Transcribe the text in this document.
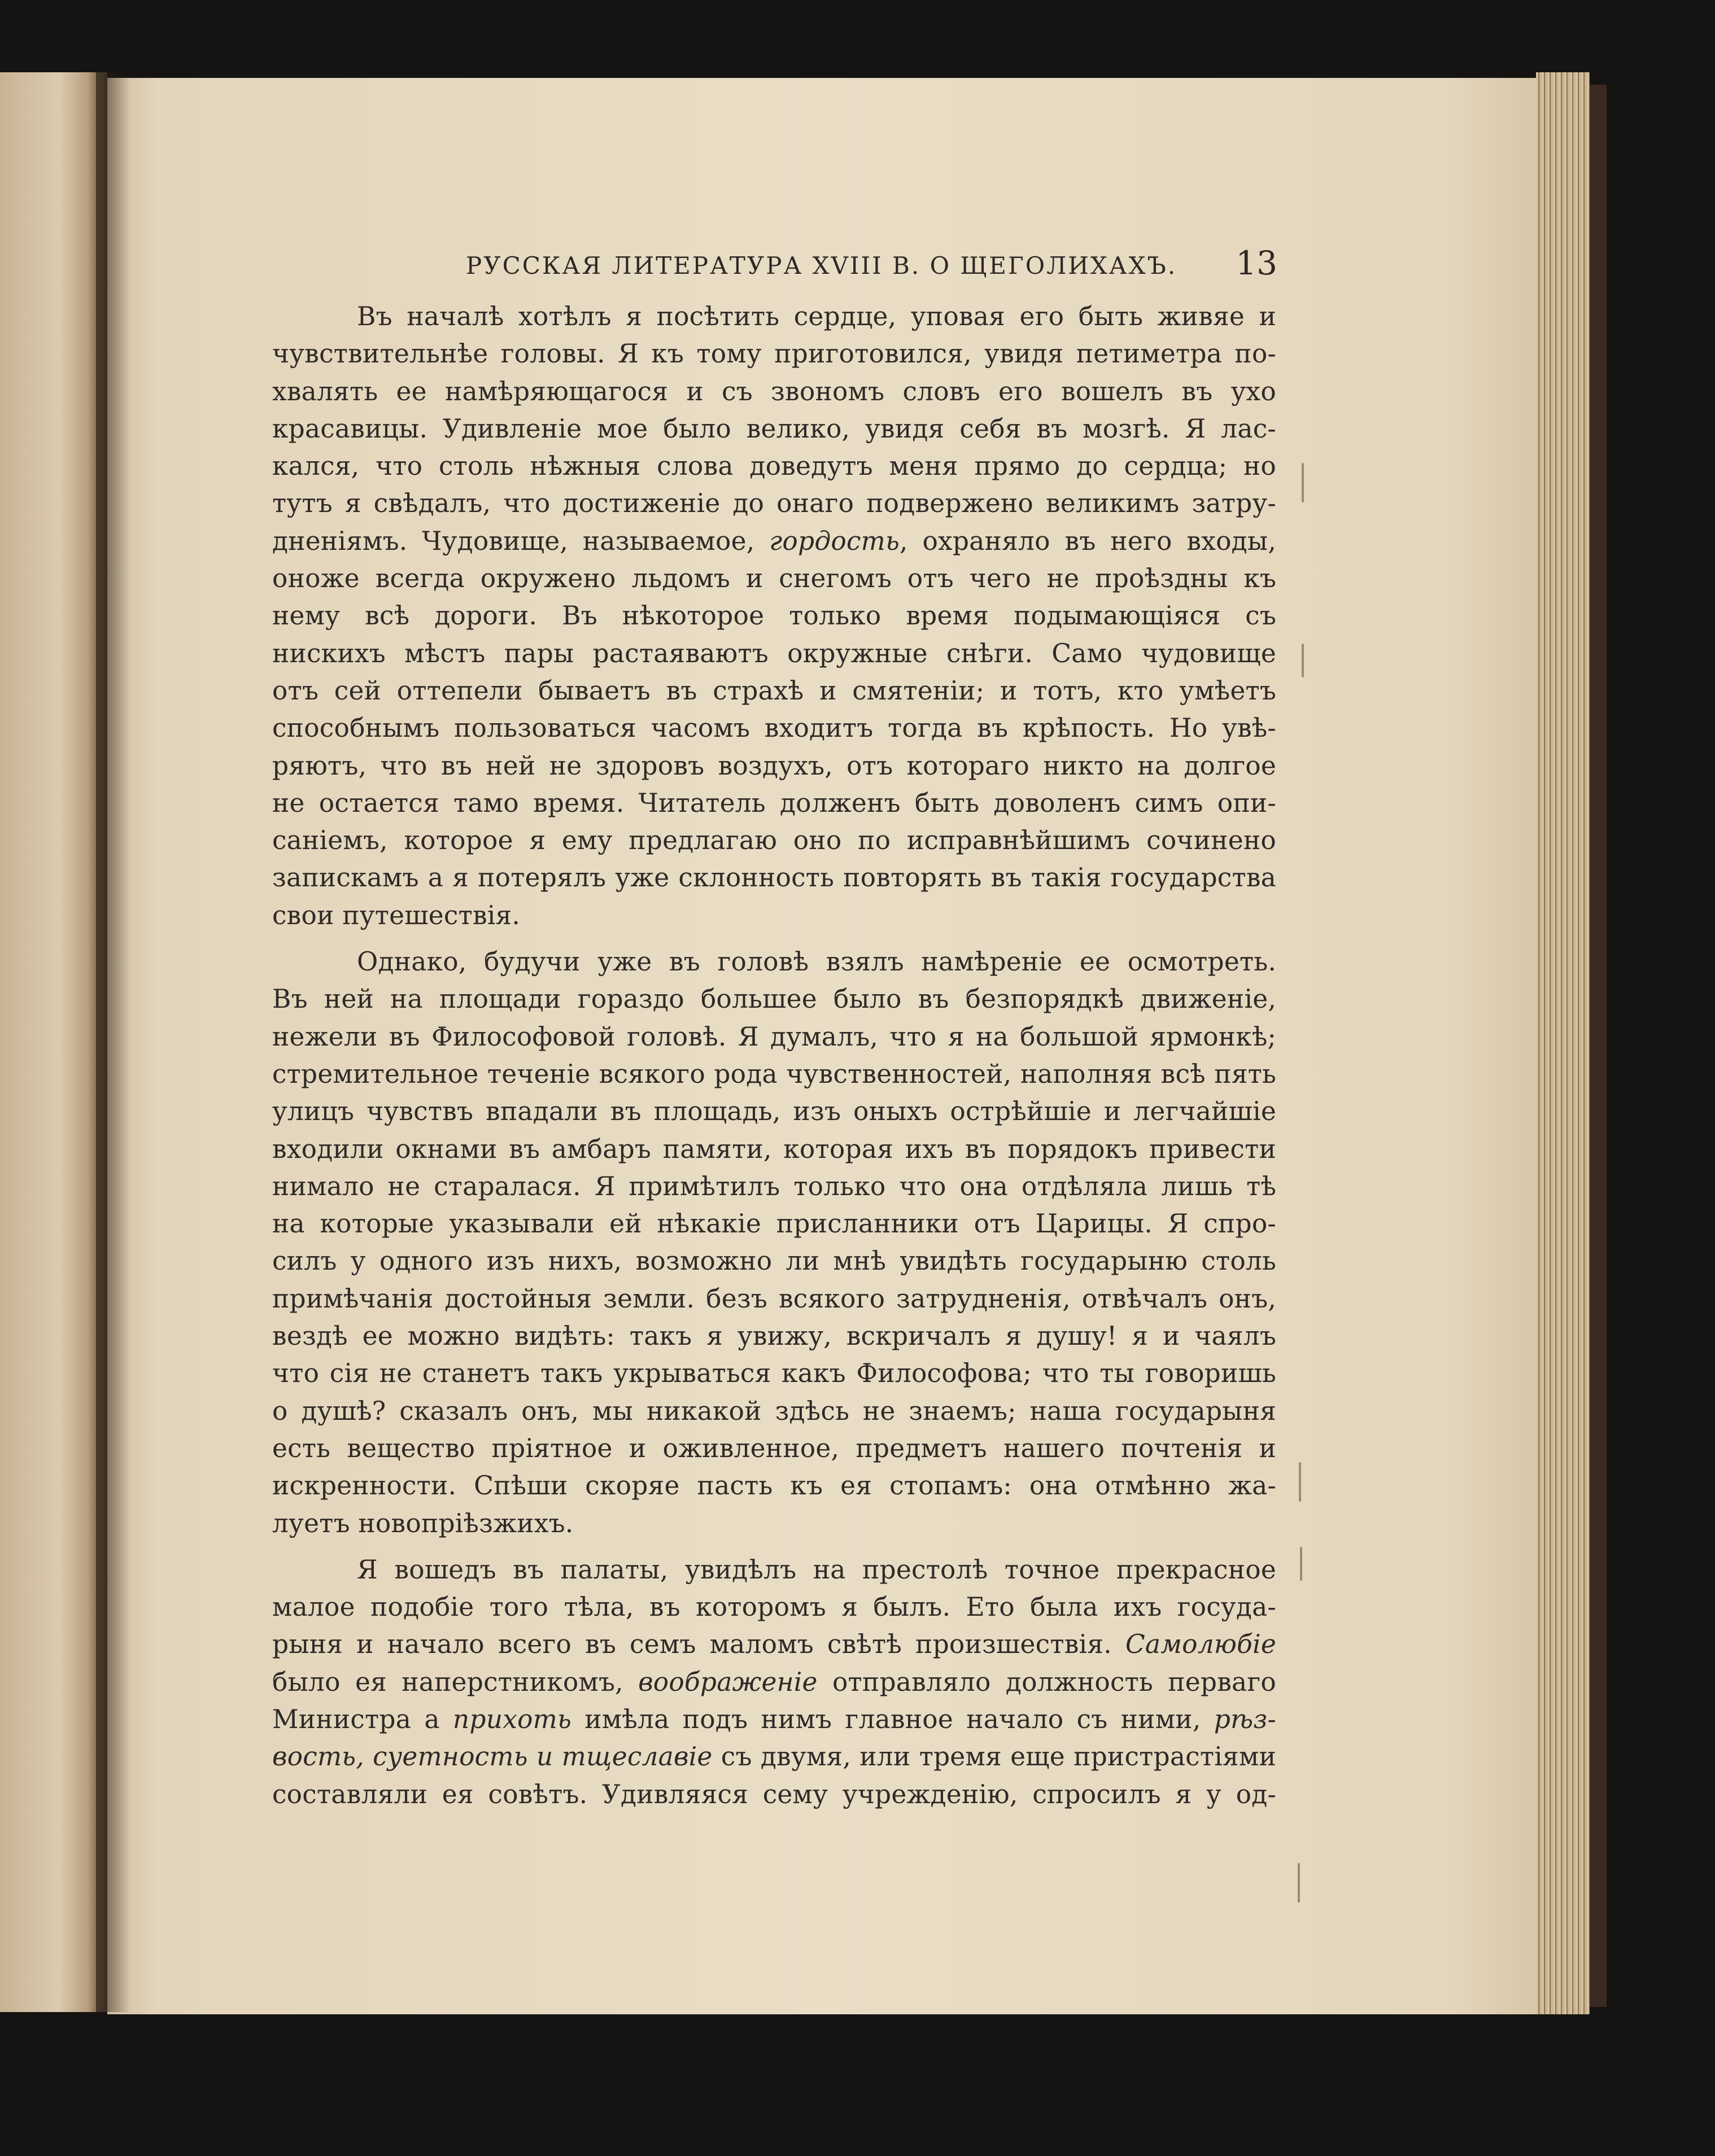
РУССКАЯ ЛИТЕРАТУРА XVIII В. О ЩЕГОЛИХАХЪ. 13
Въ началѣ хотѣлъ я посѣтить сердце, уповая его быть живяе и
чувствительнѣе головы. Я къ тому приготовился, увидя петиметра по-
хвалять ее намѣряющагося и съ звономъ словъ его вошелъ въ ухо
красавицы. Удивленіе мое было велико, увидя себя въ мозгѣ. Я лас-
кался, что столь нѣжныя слова доведутъ меня прямо до сердца; но
тутъ я свѣдалъ, что достиженіе до онаго подвержено великимъ затру-
дненіямъ. Чудовище, называемое, гордость, охраняло въ него входы,
оноже всегда окружено льдомъ и снегомъ отъ чего не проѣздны къ
нему всѣ дороги. Въ нѣкоторое только время подымающіяся съ
нискихъ мѣстъ пары растаяваютъ окружные снѣги. Само чудовище
отъ сей оттепели бываетъ въ страхѣ и смятеніи; и тотъ, кто умѣетъ
способнымъ пользоваться часомъ входитъ тогда въ крѣпость. Но увѣ-
ряютъ, что въ ней не здоровъ воздухъ, отъ котораго никто на долгое
не остается тамо время. Читатель долженъ быть доволенъ симъ опи-
саніемъ, которое я ему предлагаю оно по исправнѣйшимъ сочинено
запискамъ а я потерялъ уже склонность повторять въ такія государства
свои путешествія.
Однако, будучи уже въ головѣ взялъ намѣреніе ее осмотреть.
Въ ней на площади гораздо большее было въ безпорядкѣ движеніе,
нежели въ Философовой головѣ. Я думалъ, что я на большой ярмонкѣ;
стремительное теченіе всякого рода чувственностей, наполняя всѣ пять
улицъ чувствъ впадали въ площадь, изъ оныхъ острѣйшіе и легчайшіе
входили окнами въ амбаръ памяти, которая ихъ въ порядокъ привести
нимало не старалася. Я примѣтилъ только что она отдѣляла лишь тѣ
на которые указывали ей нѣкакіе присланники отъ Царицы. Я спро-
силъ у одного изъ нихъ, возможно ли мнѣ увидѣть государыню столь
примѣчанія достойныя земли. безъ всякого затрудненія, отвѣчалъ онъ,
вездѣ ее можно видѣть: такъ я увижу, вскричалъ я душу! я и чаялъ
что сія не станетъ такъ укрываться какъ Философова; что ты говоришь
о душѣ? сказалъ онъ, мы никакой здѣсь не знаемъ; наша государыня
есть вещество пріятное и оживленное, предметъ нашего почтенія и
искренности. Спѣши скоряе пасть къ ея стопамъ: она отмѣнно жа-
луетъ новопріѣзжихъ.
Я вошедъ въ палаты, увидѣлъ на престолѣ точное прекрасное
малое подобіе того тѣла, въ которомъ я былъ. Ето была ихъ госуда-
рыня и начало всего въ семъ маломъ свѣтѣ произшествія. Самолюбіе
было ея наперстникомъ, воображеніе отправляло должность перваго
Министра а прихоть имѣла подъ нимъ главное начало съ ними, рѣз-
вость, суетность и тщеславіе съ двумя, или тремя еще пристрастіями
составляли ея совѣтъ. Удивляяся сему учрежденію, спросилъ я у од-
